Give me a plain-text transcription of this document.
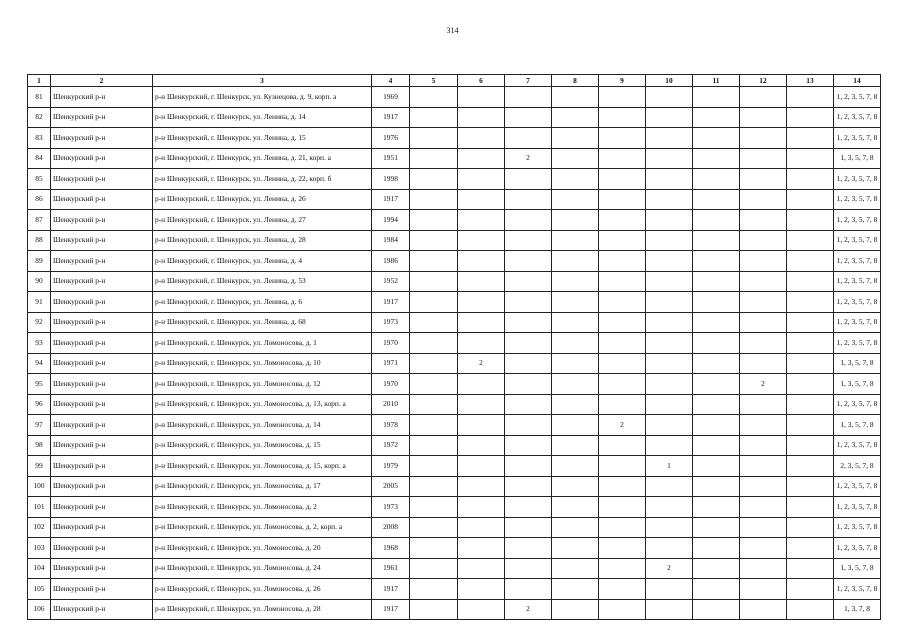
314
1	2	3	4	5	6	7	8	9	10	11	12	13	14
81	Шенкурский р-н	р-н Шенкурский, г. Шенкурск, ул. Кузнецова, д. 9, корп. а	1969										1, 2, 3, 5, 7, 8
82	Шенкурский р-н	р-н Шенкурский, г. Шенкурск, ул. Ленина, д. 14	1917										1, 2, 3, 5, 7, 8
83	Шенкурский р-н	р-н Шенкурский, г. Шенкурск, ул. Ленина, д. 15	1976										1, 2, 3, 5, 7, 8
84	Шенкурский р-н	р-н Шенкурский, г. Шенкурск, ул. Ленина, д. 21, корп. а	1951			2							1, 3, 5, 7, 8
85	Шенкурский р-н	р-н Шенкурский, г. Шенкурск, ул. Ленина, д. 22, корп. б	1998										1, 2, 3, 5, 7, 8
86	Шенкурский р-н	р-н Шенкурский, г. Шенкурск, ул. Ленина, д. 26	1917										1, 2, 3, 5, 7, 8
87	Шенкурский р-н	р-н Шенкурский, г. Шенкурск, ул. Ленина, д. 27	1994										1, 2, 3, 5, 7, 8
88	Шенкурский р-н	р-н Шенкурский, г. Шенкурск, ул. Ленина, д. 28	1984										1, 2, 3, 5, 7, 8
89	Шенкурский р-н	р-н Шенкурский, г. Шенкурск, ул. Ленина, д. 4	1986										1, 2, 3, 5, 7, 8
90	Шенкурский р-н	р-н Шенкурский, г. Шенкурск, ул. Ленина, д. 53	1952										1, 2, 3, 5, 7, 8
91	Шенкурский р-н	р-н Шенкурский, г. Шенкурск, ул. Ленина, д. 6	1917										1, 2, 3, 5, 7, 8
92	Шенкурский р-н	р-н Шенкурский, г. Шенкурск, ул. Ленина, д. 68	1973										1, 2, 3, 5, 7, 8
93	Шенкурский р-н	р-н Шенкурский, г. Шенкурск, ул. Ломоносова, д. 1	1970										1, 2, 3, 5, 7, 8
94	Шенкурский р-н	р-н Шенкурский, г. Шенкурск, ул. Ломоносова, д. 10	1971		2								1, 3, 5, 7, 8
95	Шенкурский р-н	р-н Шенкурский, г. Шенкурск, ул. Ломоносова, д. 12	1970								2		1, 3, 5, 7, 8
96	Шенкурский р-н	р-н Шенкурский, г. Шенкурск, ул. Ломоносова, д. 13, корп. а	2010										1, 2, 3, 5, 7, 8
97	Шенкурский р-н	р-н Шенкурский, г. Шенкурск, ул. Ломоносова, д. 14	1978					2					1, 3, 5, 7, 8
98	Шенкурский р-н	р-н Шенкурский, г. Шенкурск, ул. Ломоносова, д. 15	1972										1, 2, 3, 5, 7, 8
99	Шенкурский р-н	р-н Шенкурский, г. Шенкурск, ул. Ломоносова, д. 15, корп. а	1979						1				2, 3, 5, 7, 8
100	Шенкурский р-н	р-н Шенкурский, г. Шенкурск, ул. Ломоносова, д. 17	2005										1, 2, 3, 5, 7, 8
101	Шенкурский р-н	р-н Шенкурский, г. Шенкурск, ул. Ломоносова, д. 2	1973										1, 2, 3, 5, 7, 8
102	Шенкурский р-н	р-н Шенкурский, г. Шенкурск, ул. Ломоносова, д. 2, корп. а	2008										1, 2, 3, 5, 7, 8
103	Шенкурский р-н	р-н Шенкурский, г. Шенкурск, ул. Ломоносова, д. 20	1968										1, 2, 3, 5, 7, 8
104	Шенкурский р-н	р-н Шенкурский, г. Шенкурск, ул. Ломоносова, д. 24	1961						2				1, 3, 5, 7, 8
105	Шенкурский р-н	р-н Шенкурский, г. Шенкурск, ул. Ломоносова, д. 26	1917										1, 2, 3, 5, 7, 8
106	Шенкурский р-н	р-н Шенкурский, г. Шенкурск, ул. Ломоносова, д. 28	1917			2							1, 3, 7, 8
